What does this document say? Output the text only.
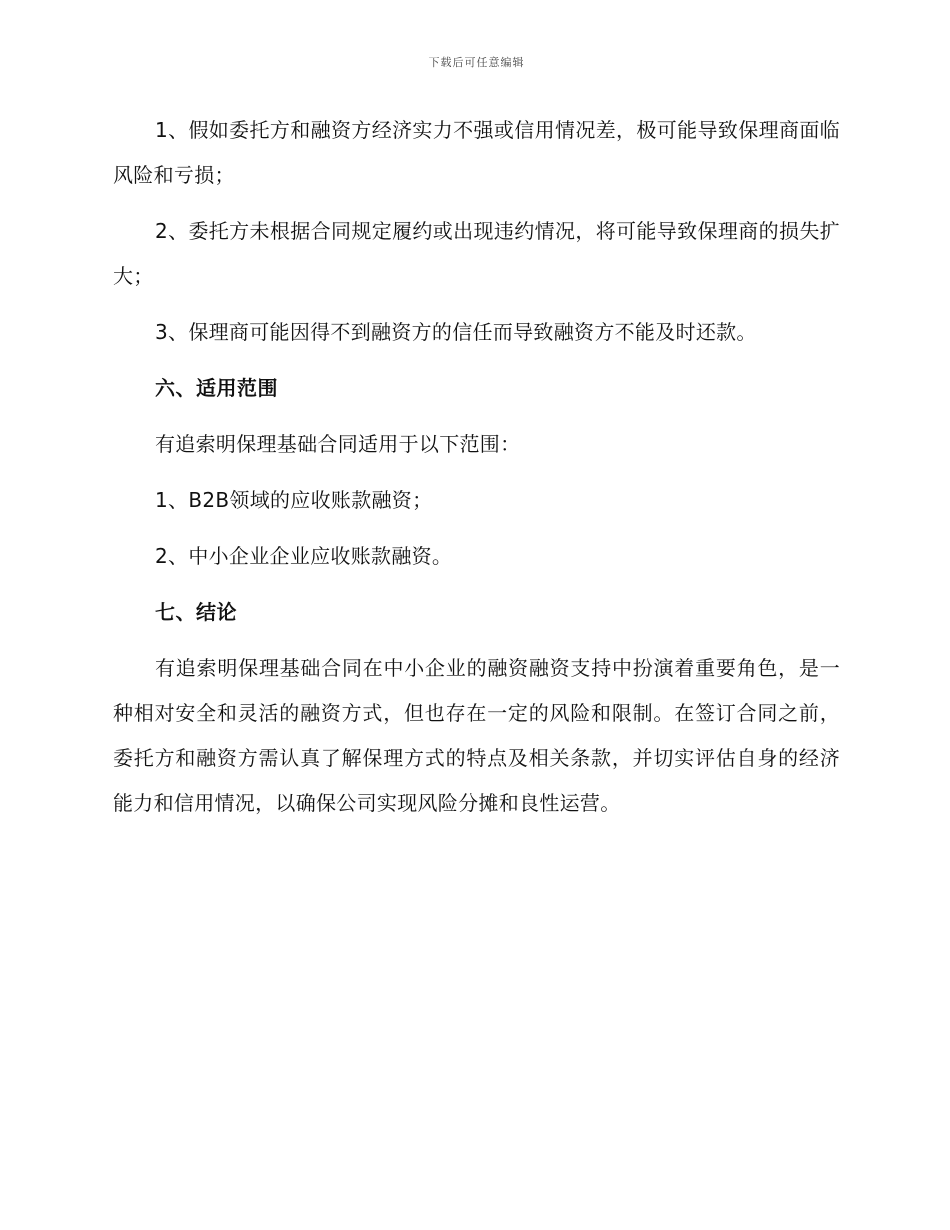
下载后可任意编辑

1、假如委托方和融资方经济实力不强或信用情况差，极可能导致保理商面临风险和亏损；

2、委托方未根据合同规定履约或出现违约情况，将可能导致保理商的损失扩大；

3、保理商可能因得不到融资方的信任而导致融资方不能及时还款。

六、适用范围

有追索明保理基础合同适用于以下范围：

1、B2B领域的应收账款融资；

2、中小企业企业应收账款融资。

七、结论

有追索明保理基础合同在中小企业的融资融资支持中扮演着重要角色，是一种相对安全和灵活的融资方式，但也存在一定的风险和限制。在签订合同之前，委托方和融资方需认真了解保理方式的特点及相关条款，并切实评估自身的经济能力和信用情况，以确保公司实现风险分摊和良性运营。
